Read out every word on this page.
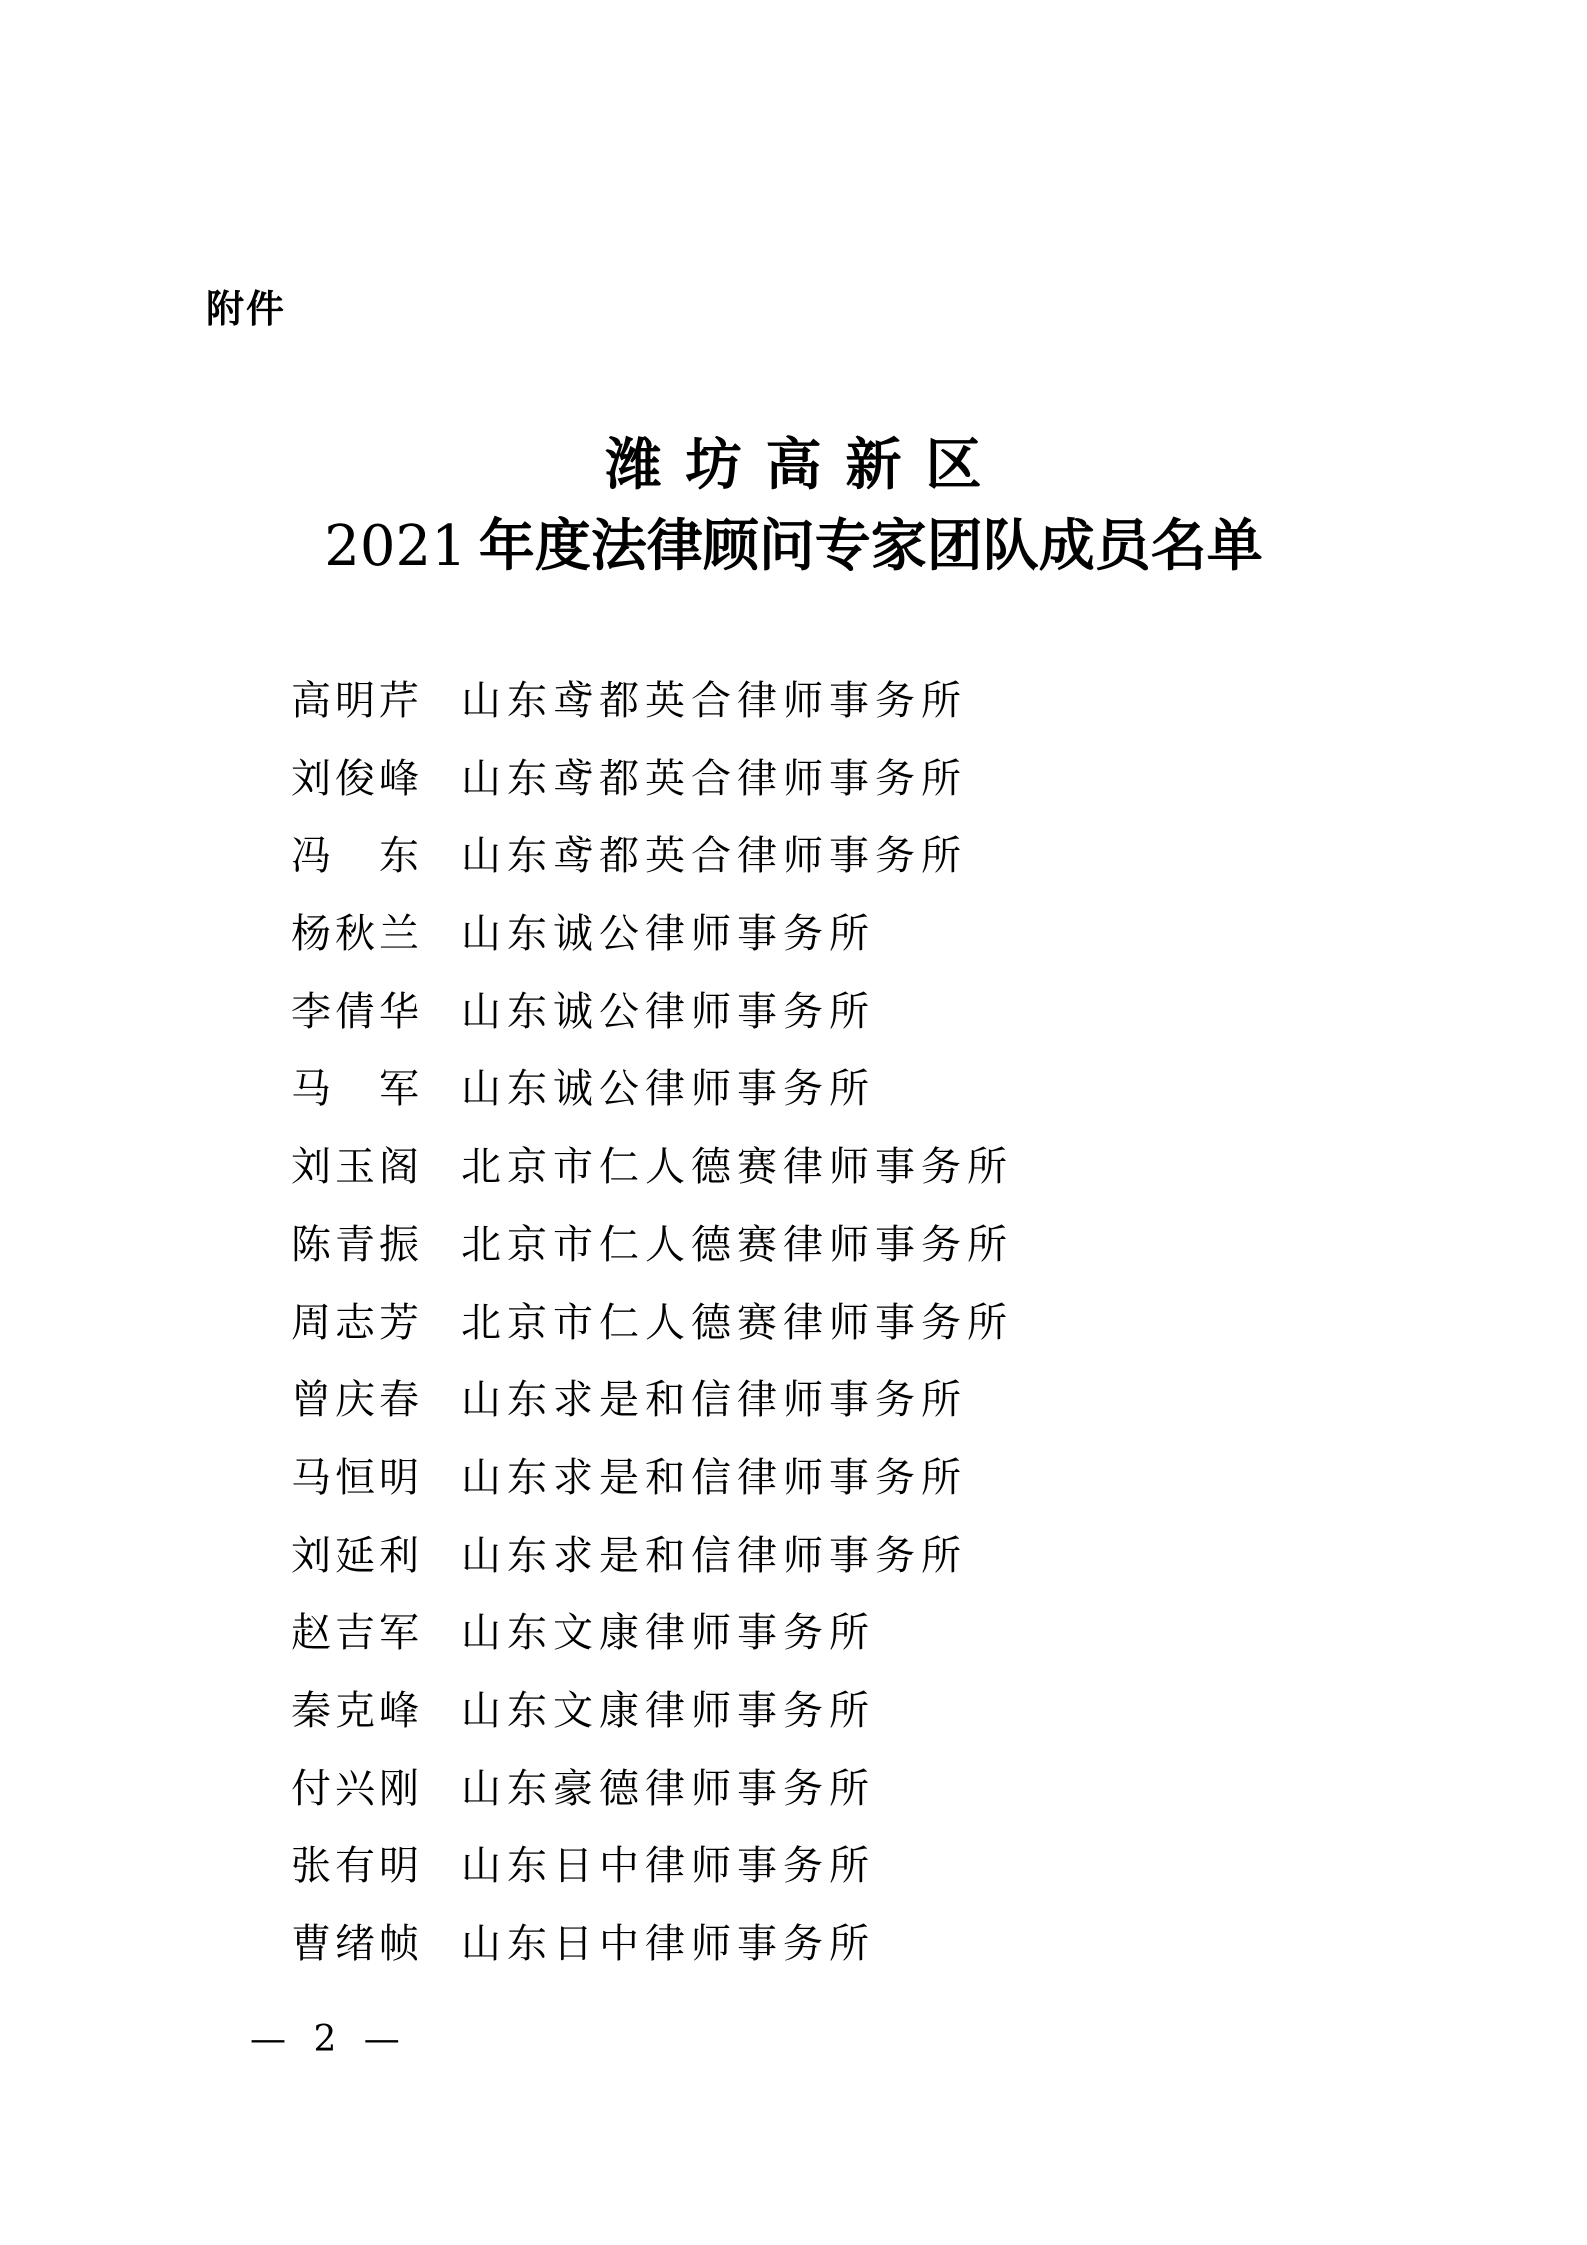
附件
潍坊高新区
2021 年度法律顾问专家团队成员名单
高明芹 山东鸢都英合律师事务所
刘俊峰 山东鸢都英合律师事务所
冯　东 山东鸢都英合律师事务所
杨秋兰 山东诚公律师事务所
李倩华 山东诚公律师事务所
马　军 山东诚公律师事务所
刘玉阁 北京市仁人德赛律师事务所
陈青振 北京市仁人德赛律师事务所
周志芳 北京市仁人德赛律师事务所
曾庆春 山东求是和信律师事务所
马恒明 山东求是和信律师事务所
刘延利 山东求是和信律师事务所
赵吉军 山东文康律师事务所
秦克峰 山东文康律师事务所
付兴刚 山东豪德律师事务所
张有明 山东日中律师事务所
曹绪帧 山东日中律师事务所
— 2 —
